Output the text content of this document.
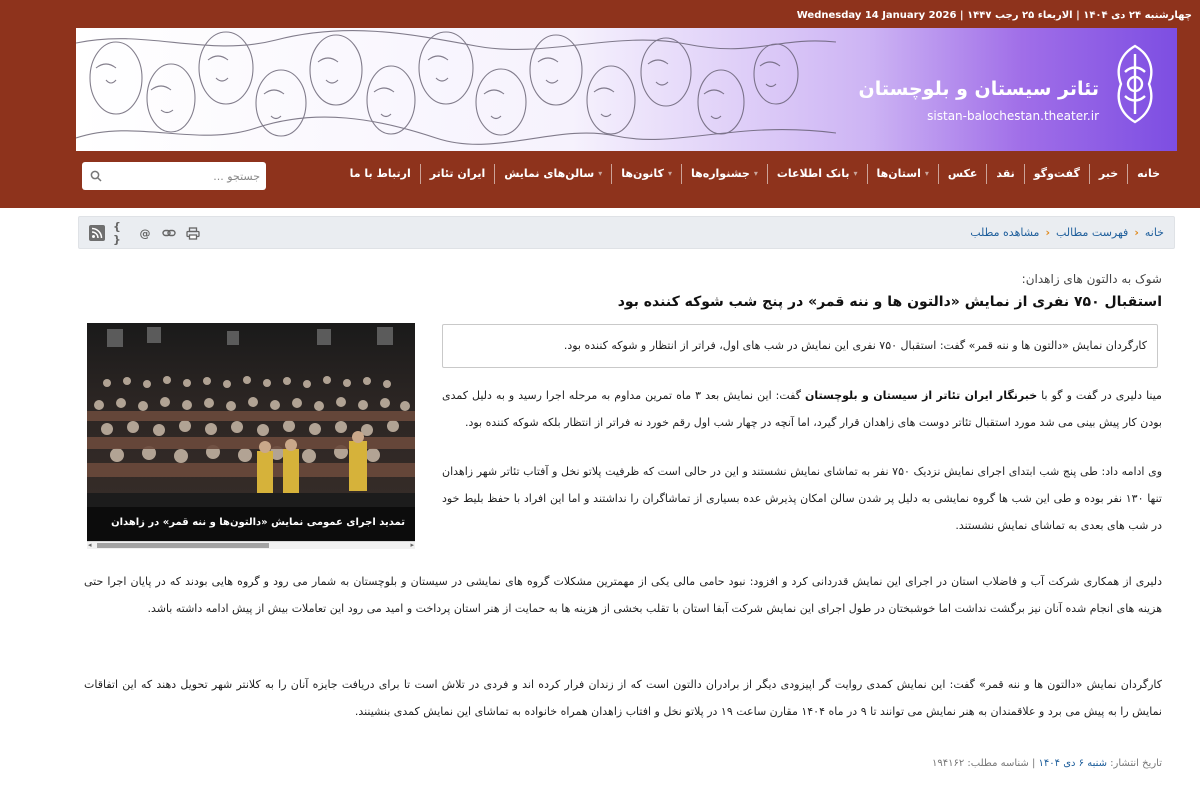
چهارشنبه ۲۴ دی ۱۴۰۴ | الاربعاء ۲۵ رجب ۱۴۴۷ | Wednesday 14 January 2026
تئاتر سیستان و بلوچستان
sistan-balochestan.theater.ir
خانه
خبر
گفت‌وگو
نقد
عکس
استان‌ها ▾
بانک اطلاعات ▾
جشنواره‌ها ▾
کانون‌ها ▾
سالن‌های نمایش ▾
ایران تئاتر
ارتباط با ما
جستجو ...
خانه
‹
فهرست مطالب
‹
مشاهده مطلب
{ }	@
شوک به دالتون های زاهدان:
استقبال ۷۵۰ نفری از نمایش «دالتون ها و ننه قمر» در پنج شب شوکه کننده بود
کارگردان نمایش «دالتون ها و ننه قمر» گفت: استقبال ۷۵۰ نفری این نمایش در شب های اول، فراتر از انتظار و شوکه کننده بود.
تمدید اجرای عمومی نمایش «دالتون‌ها و ننه قمر» در زاهدان
◂	▸

مینا دلیری در گفت و گو با خبرنگار ایران تئاتر از سیستان و بلوچستان گفت: این نمایش بعد ۳ ماه تمرین مداوم به مرحله اجرا رسید و به دلیل کمدی بودن کار پیش بینی می شد مورد استقبال تئاتر دوست های زاهدان قرار گیرد، اما آنچه در چهار شب اول رقم خورد نه فراتر از انتظار بلکه شوکه کننده بود.

وی ادامه داد: طی پنج شب ابتدای اجرای نمایش نزدیک ۷۵۰ نفر به تماشای نمایش نشستند و این در حالی است که ظرفیت پلاتو نخل و آفتاب تئاتر شهر زاهدان تنها ۱۳۰ نفر بوده و طی این شب ها گروه نمایشی به دلیل پر شدن سالن امکان پذیرش عده بسیاری از تماشاگران را نداشتند و اما این افراد با حفظ بلیط خود در شب های بعدی به تماشای نمایش نشستند.

دلیری از همکاری شرکت آب و فاضلاب استان در اجرای این نمایش قدردانی کرد و افزود: نبود حامی مالی یکی از مهمترین مشکلات گروه های نمایشی در سیستان و بلوچستان به شمار می رود و گروه هایی بودند که در پایان اجرا حتی هزینه های انجام شده آنان نیز برگشت نداشت اما خوشبختان در طول اجرای این نمایش شرکت آبفا استان با تقلب بخشی از هزینه ها به حمایت از هنر استان پرداخت و امید می رود این تعاملات بیش از پیش ادامه داشته باشد.

کارگردان نمایش «دالتون ها و ننه قمر» گفت: این نمایش کمدی روایت گر اپیزودی دیگر از برادران دالتون است که از زندان فرار کرده اند و فردی در تلاش است تا برای دریافت جایزه آنان را به کلانتر شهر تحویل دهند که این اتفاقات نمایش را به پیش می برد و علاقمندان به هنر نمایش می توانند تا ۹ در ماه ۱۴۰۴ مقارن ساعت ۱۹ در پلاتو نخل و افتاب زاهدان همراه خانواده به تماشای این نمایش کمدی بنشینند.

تاریخ انتشار: شنبه ۶ دی ۱۴۰۴ | شناسه مطلب: ۱۹۴۱۶۲
